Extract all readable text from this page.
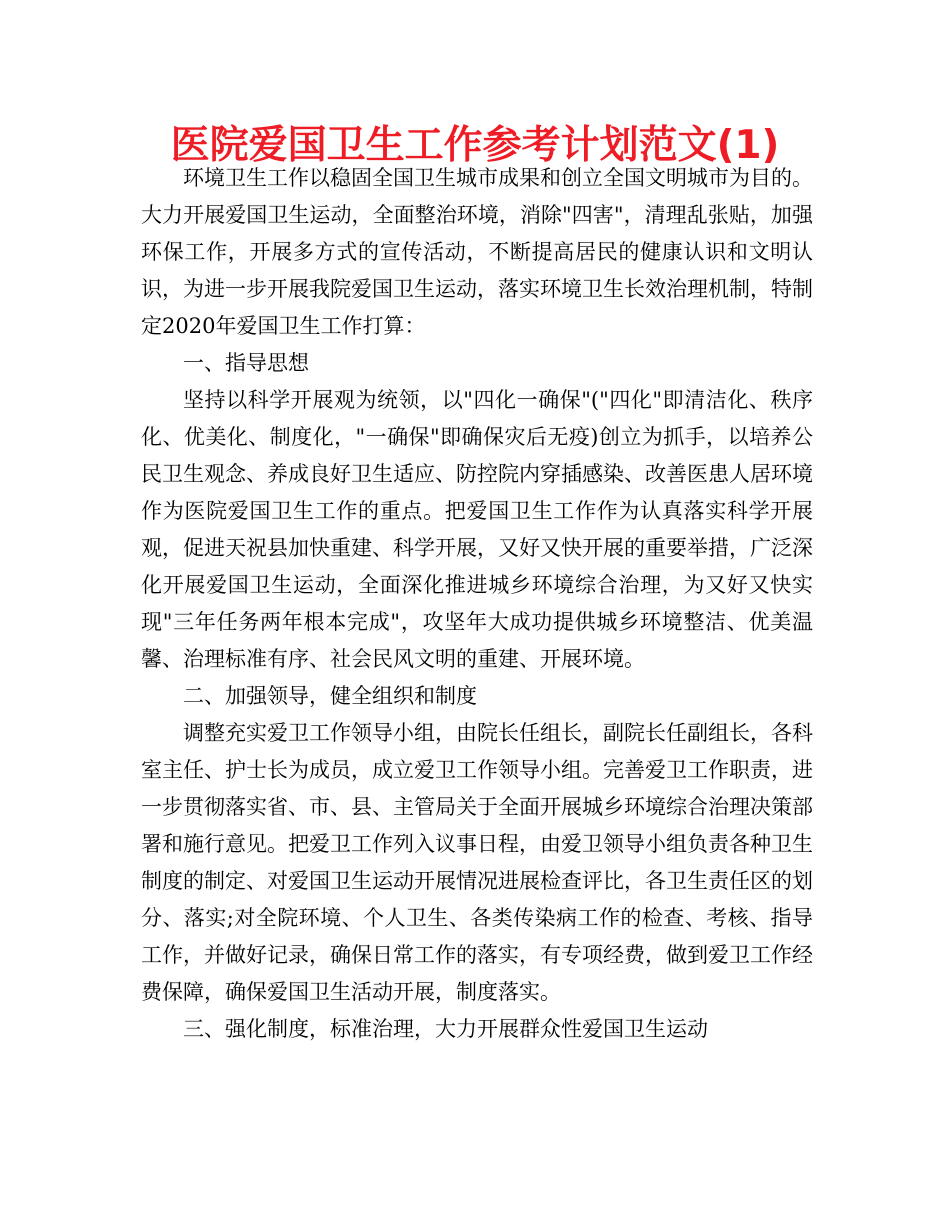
医院爱国卫生工作参考计划范文(1)

环境卫生工作以稳固全国卫生城市成果和创立全国文明城市为目的。大力开展爱国卫生运动，全面整治环境，消除"四害"，清理乱张贴，加强环保工作，开展多方式的宣传活动，不断提高居民的健康认识和文明认识，为进一步开展我院爱国卫生运动，落实环境卫生长效治理机制，特制定2020年爱国卫生工作打算：

一、指导思想

坚持以科学开展观为统领，以"四化一确保"("四化"即清洁化、秩序化、优美化、制度化，"一确保"即确保灾后无疫)创立为抓手，以培养公民卫生观念、养成良好卫生适应、防控院内穿插感染、改善医患人居环境作为医院爱国卫生工作的重点。把爱国卫生工作作为认真落实科学开展观，促进天祝县加快重建、科学开展，又好又快开展的重要举措，广泛深化开展爱国卫生运动，全面深化推进城乡环境综合治理，为又好又快实现"三年任务两年根本完成"，攻坚年大成功提供城乡环境整洁、优美温馨、治理标准有序、社会民风文明的重建、开展环境。

二、加强领导，健全组织和制度

调整充实爱卫工作领导小组，由院长任组长，副院长任副组长，各科室主任、护士长为成员，成立爱卫工作领导小组。完善爱卫工作职责，进一步贯彻落实省、市、县、主管局关于全面开展城乡环境综合治理决策部署和施行意见。把爱卫工作列入议事日程，由爱卫领导小组负责各种卫生制度的制定、对爱国卫生运动开展情况进展检查评比，各卫生责任区的划分、落实;对全院环境、个人卫生、各类传染病工作的检查、考核、指导工作，并做好记录，确保日常工作的落实，有专项经费，做到爱卫工作经费保障，确保爱国卫生活动开展，制度落实。

三、强化制度，标准治理，大力开展群众性爱国卫生运动
